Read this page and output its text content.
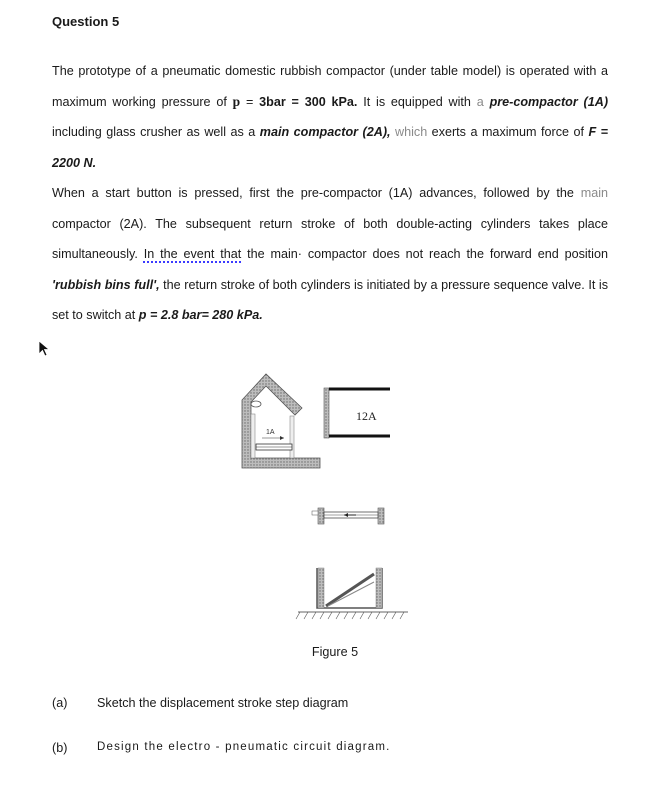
Question 5
The prototype of a pneumatic domestic rubbish compactor (under table model) is operated with a maximum working pressure of p = 3bar = 300 kPa. It is equipped with a pre-compactor (1A) including glass crusher as well as a main compactor (2A), which exerts a maximum force of F = 2200 N.
When a start button is pressed, first the pre-compactor (1A) advances, followed by the main compactor (2A). The subsequent return stroke of both double-acting cylinders takes place simultaneously. In the event that the main· compactor does not reach the forward end position 'rubbish bins full', the return stroke of both cylinders is initiated by a pressure sequence valve. It is set to switch at p = 2.8 bar= 280 kPa.
1A
12A
Figure 5
(a) Sketch the displacement stroke step diagram
(b)	Design the electro - pneumatic circuit diagram.
